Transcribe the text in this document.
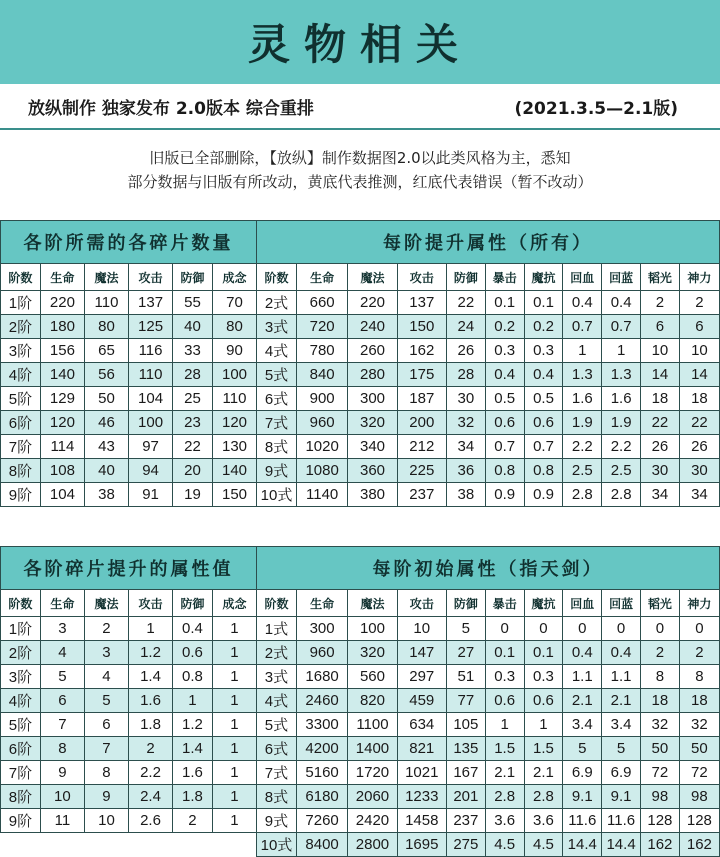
灵物相关
放纵制作 独家发布 2.0版本 综合重排	(2021.3.5—2.1版)
旧版已全部删除，【放纵】制作数据图2.0以此类风格为主，悉知
部分数据与旧版有所改动，黄底代表推测，红底代表错误（暂不改动）
各阶所需的各碎片数量						每阶提升属性（所有）										
阶数	生命	魔法	攻击	防御	成念	阶数	生命	魔法	攻击	防御	暴击	魔抗	回血	回蓝	韬光	神力
1阶	220	110	137	55	70	2式	660	220	137	22	0.1	0.1	0.4	0.4	2	2
2阶	180	80	125	40	80	3式	720	240	150	24	0.2	0.2	0.7	0.7	6	6
3阶	156	65	116	33	90	4式	780	260	162	26	0.3	0.3	1	1	10	10
4阶	140	56	110	28	100	5式	840	280	175	28	0.4	0.4	1.3	1.3	14	14
5阶	129	50	104	25	110	6式	900	300	187	30	0.5	0.5	1.6	1.6	18	18
6阶	120	46	100	23	120	7式	960	320	200	32	0.6	0.6	1.9	1.9	22	22
7阶	114	43	97	22	130	8式	1020	340	212	34	0.7	0.7	2.2	2.2	26	26
8阶	108	40	94	20	140	9式	1080	360	225	36	0.8	0.8	2.5	2.5	30	30
9阶	104	38	91	19	150	10式	1140	380	237	38	0.9	0.9	2.8	2.8	34	34
各阶碎片提升的属性值						每阶初始属性（指天剑）										
阶数	生命	魔法	攻击	防御	成念	阶数	生命	魔法	攻击	防御	暴击	魔抗	回血	回蓝	韬光	神力
1阶	3	2	1	0.4	1	1式	300	100	10	5	0	0	0	0	0	0
2阶	4	3	1.2	0.6	1	2式	960	320	147	27	0.1	0.1	0.4	0.4	2	2
3阶	5	4	1.4	0.8	1	3式	1680	560	297	51	0.3	0.3	1.1	1.1	8	8
4阶	6	5	1.6	1	1	4式	2460	820	459	77	0.6	0.6	2.1	2.1	18	18
5阶	7	6	1.8	1.2	1	5式	3300	1100	634	105	1	1	3.4	3.4	32	32
6阶	8	7	2	1.4	1	6式	4200	1400	821	135	1.5	1.5	5	5	50	50
7阶	9	8	2.2	1.6	1	7式	5160	1720	1021	167	2.1	2.1	6.9	6.9	72	72
8阶	10	9	2.4	1.8	1	8式	6180	2060	1233	201	2.8	2.8	9.1	9.1	98	98
9阶	11	10	2.6	2	1	9式	7260	2420	1458	237	3.6	3.6	11.6	11.6	128	128
						10式	8400	2800	1695	275	4.5	4.5	14.4	14.4	162	162
